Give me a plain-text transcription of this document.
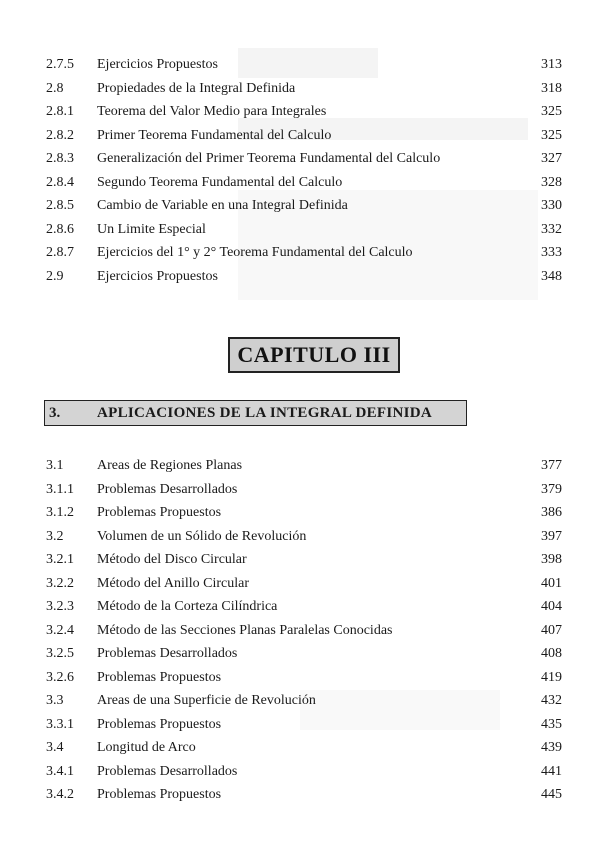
2.7.5 Ejercicios Propuestos	313
2.8 Propiedades de la Integral Definida	318
2.8.1 Teorema del Valor Medio para Integrales	325
2.8.2 Primer Teorema Fundamental del Calculo	325
2.8.3 Generalización del Primer Teorema Fundamental del Calculo	327
2.8.4 Segundo Teorema Fundamental del Calculo	328
2.8.5 Cambio de Variable en una Integral Definida	330
2.8.6 Un Limite Especial	332
2.8.7 Ejercicios del 1° y 2° Teorema Fundamental del Calculo	333
2.9 Ejercicios Propuestos	348
CAPITULO III
3. APLICACIONES DE LA INTEGRAL DEFINIDA
3.1 Areas de Regiones Planas	377
3.1.1 Problemas Desarrollados	379
3.1.2 Problemas Propuestos	386
3.2 Volumen de un Sólido de Revolución	397
3.2.1 Método del Disco Circular	398
3.2.2 Método del Anillo Circular	401
3.2.3 Método de la Corteza Cilíndrica	404
3.2.4 Método de las Secciones Planas Paralelas Conocidas	407
3.2.5 Problemas Desarrollados	408
3.2.6 Problemas Propuestos	419
3.3 Areas de una Superficie de Revolución	432
3.3.1 Problemas Propuestos	435
3.4 Longitud de Arco	439
3.4.1 Problemas Desarrollados	441
3.4.2 Problemas Propuestos	445
